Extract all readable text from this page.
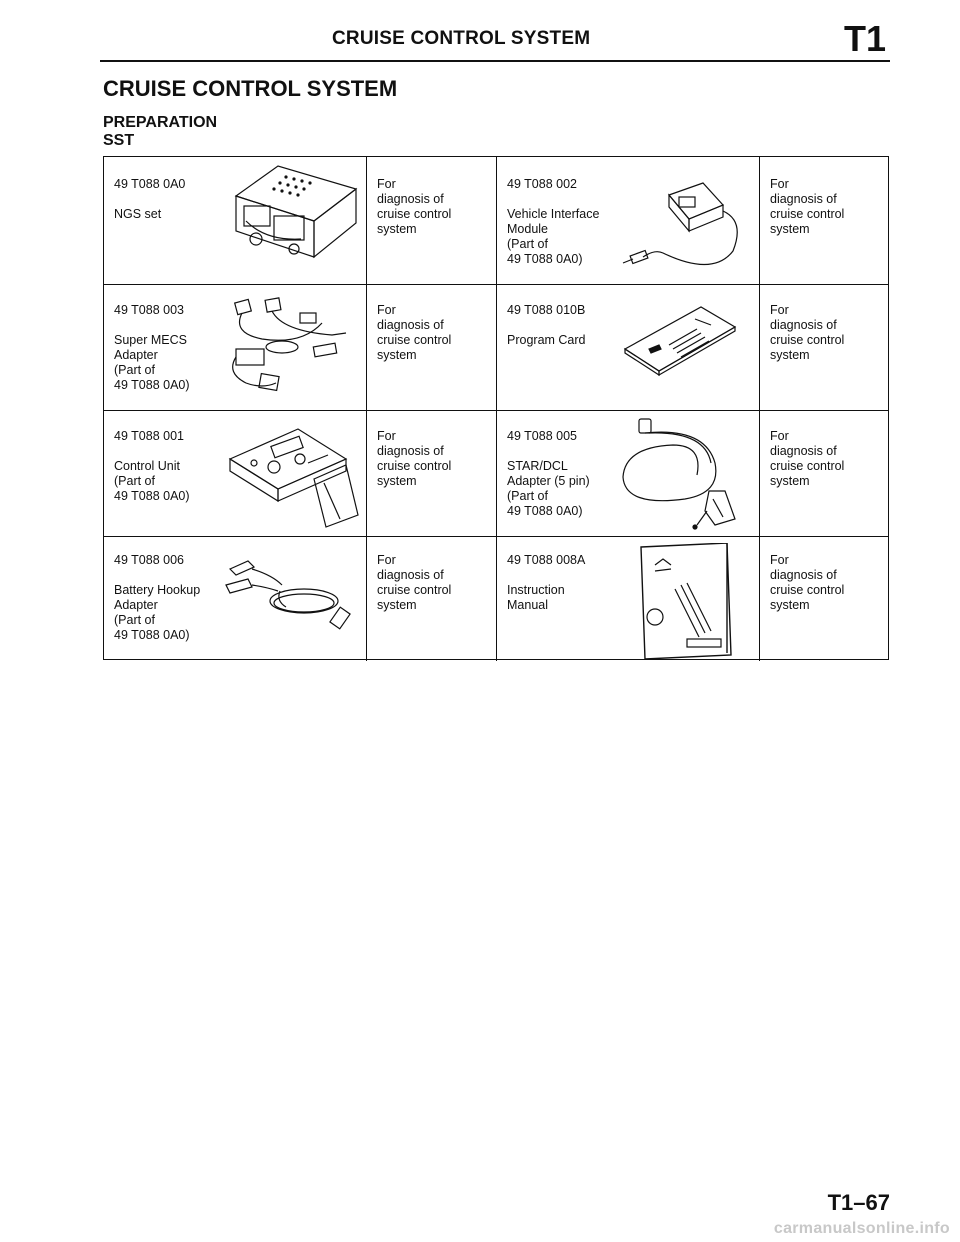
CRUISE CONTROL SYSTEM	T1
CRUISE CONTROL SYSTEM
PREPARATION
SST
49 T088 0A0
NGS set
For
diagnosis of
cruise control
system
49 T088 002
Vehicle Interface
Module
(Part of
49 T088 0A0)
For
diagnosis of
cruise control
system
49 T088 003
Super MECS
Adapter
(Part of
49 T088 0A0)
For
diagnosis of
cruise control
system
49 T088 010B
Program Card
For
diagnosis of
cruise control
system
49 T088 001
Control Unit
(Part of
49 T088 0A0)
For
diagnosis of
cruise control
system
49 T088 005
STAR/DCL
Adapter (5 pin)
(Part of
49 T088 0A0)
For
diagnosis of
cruise control
system
49 T088 006
Battery Hookup
Adapter
(Part of
49 T088 0A0)
For
diagnosis of
cruise control
system
49 T088 008A
Instruction
Manual
For
diagnosis of
cruise control
system
T1–67
carmanualsonline.info
